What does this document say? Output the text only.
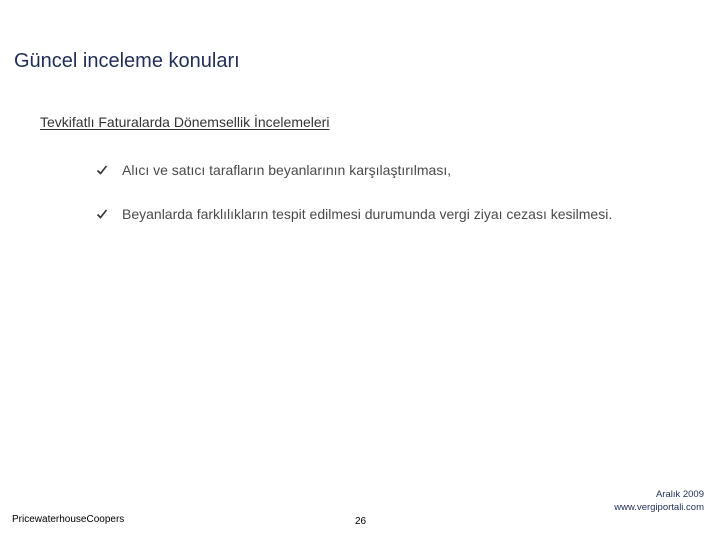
Güncel inceleme konuları
Tevkifatlı Faturalarda Dönemsellik İncelemeleri
Alıcı ve satıcı tarafların beyanlarının karşılaştırılması,
Beyanlarda farklılıkların tespit edilmesi durumunda vergi ziyaı cezası kesilmesi.
PricewaterhouseCoopers	26
Aralık 2009
www.vergiportali.com
